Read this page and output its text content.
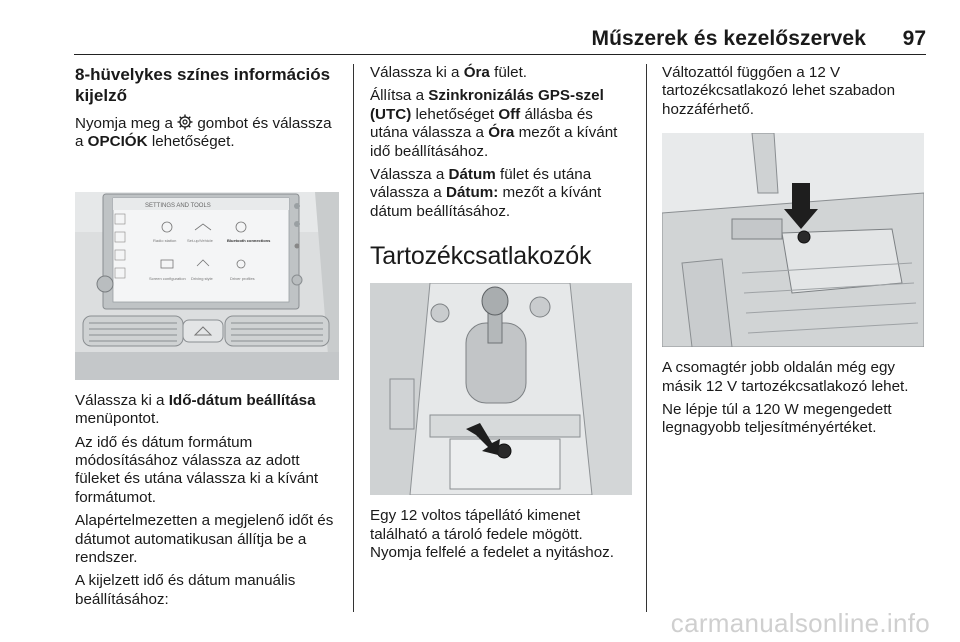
Műszerek és kezelőszervek 97
8-hüvelykes színes információs kijelző

Nyomja meg a  gombot és válassza a OPCIÓK lehetőséget.

SETTINGS AND TOOLS
Radio station	Set-up/Vehicle	Bluetooth connections
Screen configuration Driving style	Driver profiles

Válassza ki a Idő-dátum beállítása menüpontot.

Az idő és dátum formátum módosításához válassza az adott füleket és utána válassza ki a kívánt formátumot.

Alapértelmezetten a megjelenő időt és dátumot automatikusan állítja be a rendszer.

A kijelzett idő és dátum manuális beállításához:

Válassza ki a Óra fület.

Állítsa a Szinkronizálás GPS-szel (UTC) lehetőséget Off állásba és utána válassza a Óra mezőt a kívánt idő beállításához.

Válassza a Dátum fület és utána válassza a Dátum: mezőt a kívánt dátum beállításához.

Tartozékcsatlakozók

Egy 12 voltos tápellátó kimenet található a tároló fedele mögött. Nyomja felfelé a fedelet a nyitáshoz.

Változattól függően a 12 V tartozékcsatlakozó lehet szabadon hozzáférhető.

A csomagtér jobb oldalán még egy másik 12 V tartozékcsatlakozó lehet.

Ne lépje túl a 120 W megengedett legnagyobb teljesítményértéket.

carmanualsonline.info
